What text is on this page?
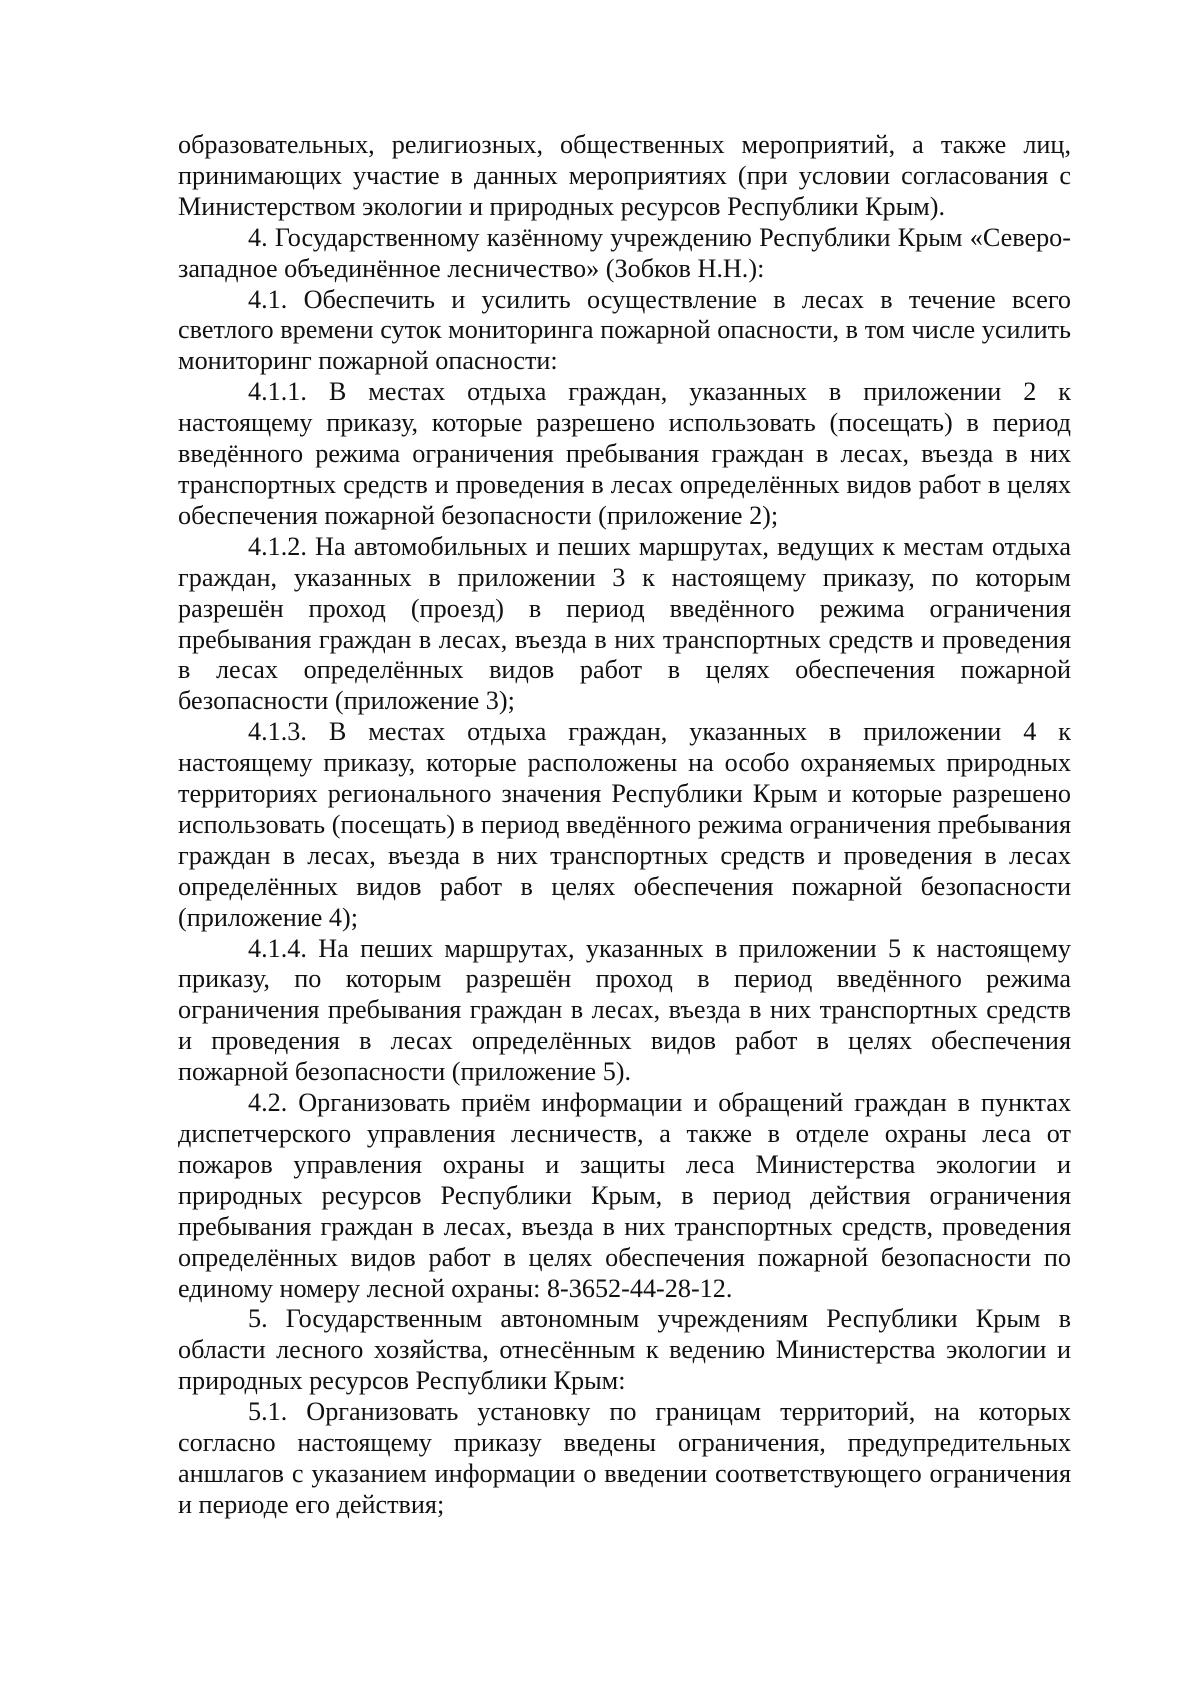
образовательных, религиозных, общественных мероприятий, а также лиц, принимающих участие в данных мероприятиях (при условии согласования с Министерством экологии и природных ресурсов Республики Крым).

4. Государственному казённому учреждению Республики Крым «Северо-западное объединённое лесничество» (Зобков Н.Н.):

4.1. Обеспечить и усилить осуществление в лесах в течение всего светлого времени суток мониторинга пожарной опасности, в том числе усилить мониторинг пожарной опасности:

4.1.1. В местах отдыха граждан, указанных в приложении 2 к настоящему приказу, которые разрешено использовать (посещать) в период введённого режима ограничения пребывания граждан в лесах, въезда в них транспортных средств и проведения в лесах определённых видов работ в целях обеспечения пожарной безопасности (приложение 2);

4.1.2. На автомобильных и пеших маршрутах, ведущих к местам отдыха граждан, указанных в приложении 3 к настоящему приказу, по которым разрешён проход (проезд) в период введённого режима ограничения пребывания граждан в лесах, въезда в них транспортных средств и проведения в лесах определённых видов работ в целях обеспечения пожарной безопасности (приложение 3);

4.1.3. В местах отдыха граждан, указанных в приложении 4 к настоящему приказу, которые расположены на особо охраняемых природных территориях регионального значения Республики Крым и которые разрешено использовать (посещать) в период введённого режима ограничения пребывания граждан в лесах, въезда в них транспортных средств и проведения в лесах определённых видов работ в целях обеспечения пожарной безопасности (приложение 4);

4.1.4. На пеших маршрутах, указанных в приложении 5 к настоящему приказу, по которым разрешён проход в период введённого режима ограничения пребывания граждан в лесах, въезда в них транспортных средств и проведения в лесах определённых видов работ в целях обеспечения пожарной безопасности (приложение 5).

4.2. Организовать приём информации и обращений граждан в пунктах диспетчерского управления лесничеств, а также в отделе охраны леса от пожаров управления охраны и защиты леса Министерства экологии и природных ресурсов Республики Крым, в период действия ограничения пребывания граждан в лесах, въезда в них транспортных средств, проведения определённых видов работ в целях обеспечения пожарной безопасности по единому номеру лесной охраны: 8-3652-44-28-12.

5. Государственным автономным учреждениям Республики Крым в области лесного хозяйства, отнесённым к ведению Министерства экологии и природных ресурсов Республики Крым:

5.1. Организовать установку по границам территорий, на которых согласно настоящему приказу введены ограничения, предупредительных аншлагов с указанием информации о введении соответствующего ограничения и периоде его действия;
